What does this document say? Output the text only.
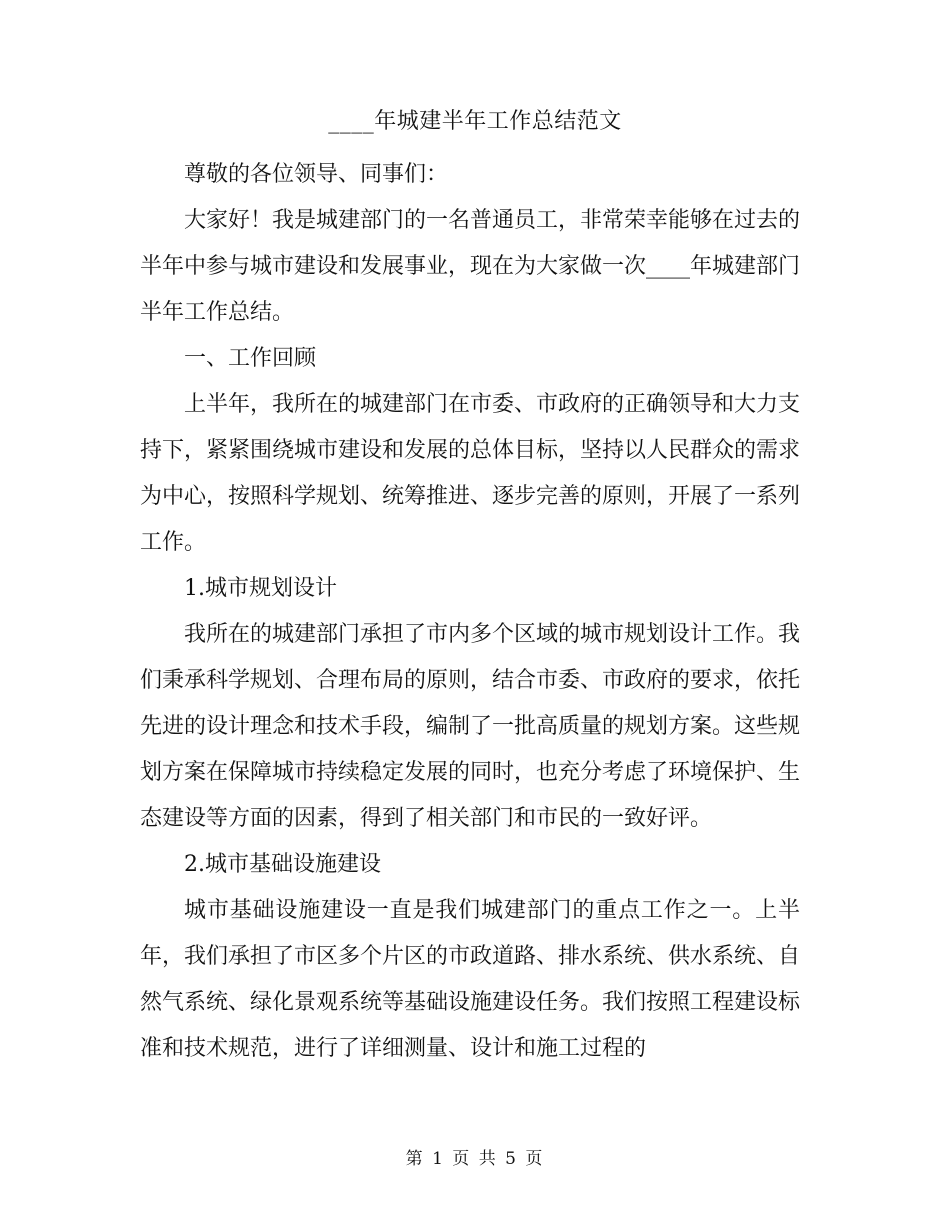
____年城建半年工作总结范文

尊敬的各位领导、同事们：

大家好！我是城建部门的一名普通员工，非常荣幸能够在过去的半年中参与城市建设和发展事业，现在为大家做一次____年城建部门半年工作总结。

一、工作回顾

上半年，我所在的城建部门在市委、市政府的正确领导和大力支持下，紧紧围绕城市建设和发展的总体目标，坚持以人民群众的需求为中心，按照科学规划、统筹推进、逐步完善的原则，开展了一系列工作。

1.城市规划设计

我所在的城建部门承担了市内多个区域的城市规划设计工作。我们秉承科学规划、合理布局的原则，结合市委、市政府的要求，依托先进的设计理念和技术手段，编制了一批高质量的规划方案。这些规划方案在保障城市持续稳定发展的同时，也充分考虑了环境保护、生态建设等方面的因素，得到了相关部门和市民的一致好评。

2.城市基础设施建设

城市基础设施建设一直是我们城建部门的重点工作之一。上半年，我们承担了市区多个片区的市政道路、排水系统、供水系统、自然气系统、绿化景观系统等基础设施建设任务。我们按照工程建设标准和技术规范，进行了详细测量、设计和施工过程的

第 1 页 共 5 页
